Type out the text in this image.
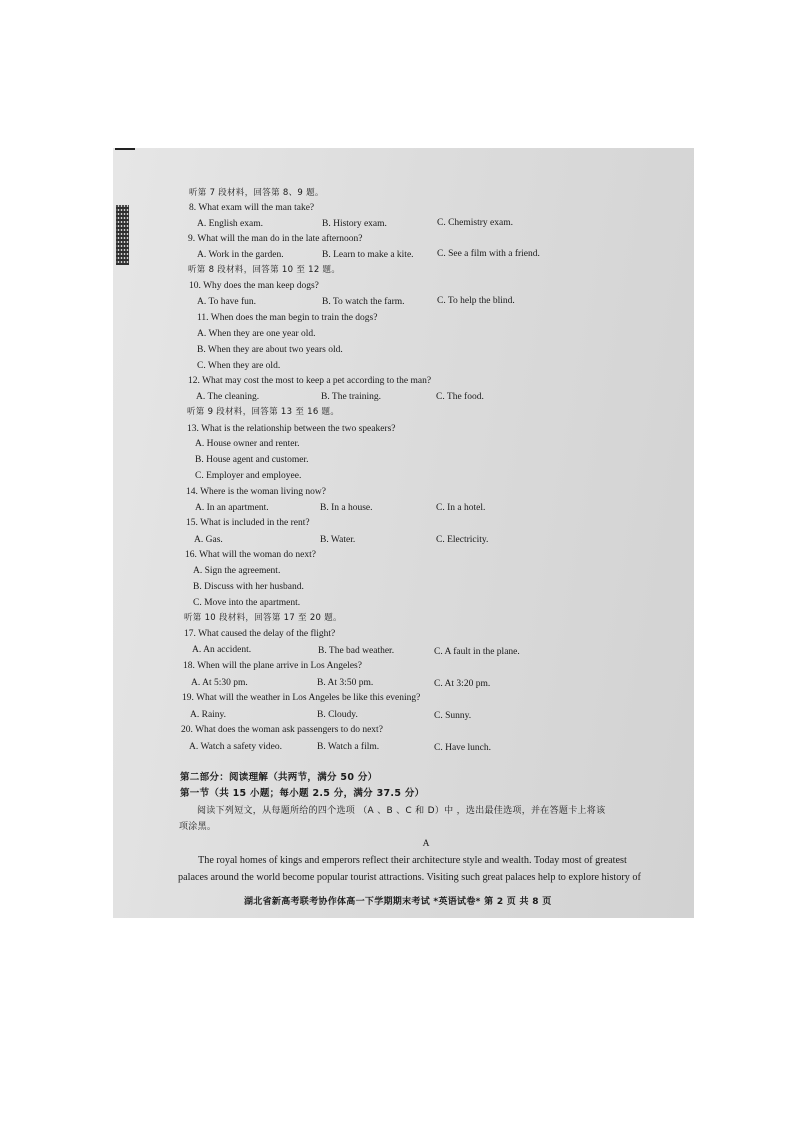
听第 7 段材料，回答第 8、9 题。
8. What exam will the man take?
A. English exam.	B. History exam.	C. Chemistry exam.
9. What will the man do in the late afternoon?
A. Work in the garden.	B. Learn to make a kite. C. See a film with a friend.
听第 8 段材料，回答第 10 至 12 题。
10. Why does the man keep dogs?
A. To have fun.	B. To watch the farm.	C. To help the blind.
11. When does the man begin to train the dogs?
A. When they are one year old.
B. When they are about two years old.
C. When they are old.
12. What may cost the most to keep a pet according to the man?
A. The cleaning.	B. The training.	C. The food.
听第 9 段材料，回答第 13 至 16 题。
13. What is the relationship between the two speakers?
A. House owner and renter.
B. House agent and customer.
C. Employer and employee.
14. Where is the woman living now?
A. In an apartment.	B. In a house.	C. In a hotel.
15. What is included in the rent?
A. Gas.	B. Water.	C. Electricity.
16. What will the woman do next?
A. Sign the agreement.
B. Discuss with her husband.
C. Move into the apartment.
听第 10 段材料，回答第 17 至 20 题。
17. What caused the delay of the flight?
A. An accident.	B. The bad weather.	C. A fault in the plane.
18. When will the plane arrive in Los Angeles?
A. At 5:30 pm.	B. At 3:50 pm.	C. At 3:20 pm.
19. What will the weather in Los Angeles be like this evening?
A. Rainy.	B. Cloudy.	C. Sunny.
20. What does the woman ask passengers to do next?
A. Watch a safety video.	B. Watch a film.	C. Have lunch.
第二部分：阅读理解（共两节，满分 50 分）
第一节（共 15 小题；每小题 2.5 分，满分 37.5 分）
阅读下列短文，从每题所给的四个选项 （A 、B 、C 和 D）中 ，选出最佳选项，并在答题卡上将该
项涂黑。
A
The royal homes of kings and emperors reflect their architecture style and wealth. Today most of greatest
palaces around the world become popular tourist attractions. Visiting such great palaces help to explore history of
湖北省新高考联考协作体高一下学期期末考试 *英语试卷* 第 2 页 共 8 页
